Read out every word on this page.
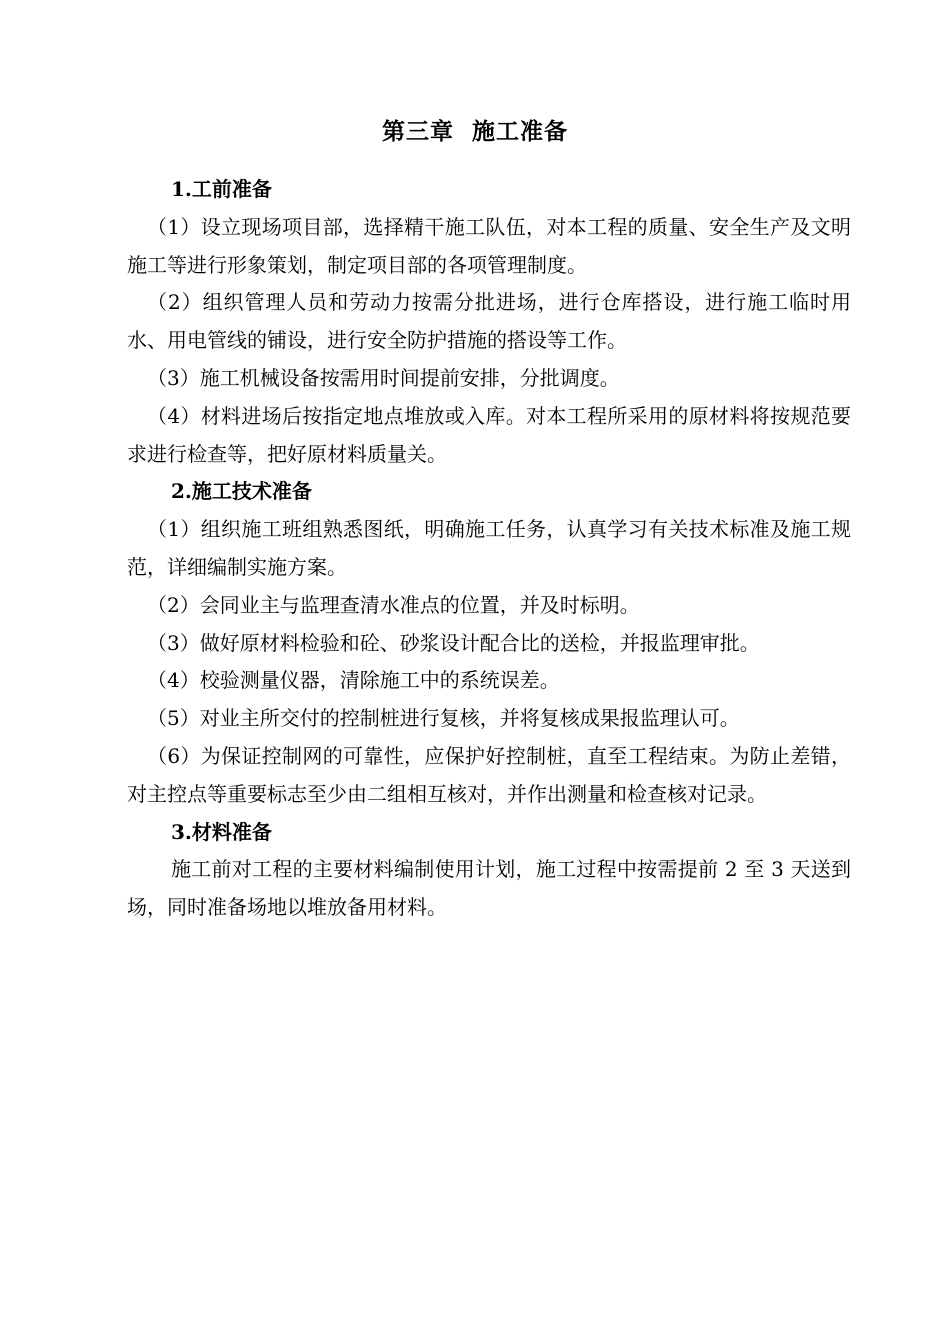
第三章  施工准备

1.工前准备

（1）设立现场项目部，选择精干施工队伍，对本工程的质量、安全生产及文明施工等进行形象策划，制定项目部的各项管理制度。

（2）组织管理人员和劳动力按需分批进场，进行仓库搭设，进行施工临时用水、用电管线的铺设，进行安全防护措施的搭设等工作。

（3）施工机械设备按需用时间提前安排，分批调度。

（4）材料进场后按指定地点堆放或入库。对本工程所采用的原材料将按规范要求进行检查等，把好原材料质量关。

2.施工技术准备

（1）组织施工班组熟悉图纸，明确施工任务，认真学习有关技术标准及施工规范，详细编制实施方案。

（2）会同业主与监理查清水准点的位置，并及时标明。

（3）做好原材料检验和砼、砂浆设计配合比的送检，并报监理审批。

（4）校验测量仪器，清除施工中的系统误差。

（5）对业主所交付的控制桩进行复核，并将复核成果报监理认可。

（6）为保证控制网的可靠性，应保护好控制桩，直至工程结束。为防止差错，对主控点等重要标志至少由二组相互核对，并作出测量和检查核对记录。

3.材料准备

施工前对工程的主要材料编制使用计划，施工过程中按需提前 2 至 3 天送到场，同时准备场地以堆放备用材料。
